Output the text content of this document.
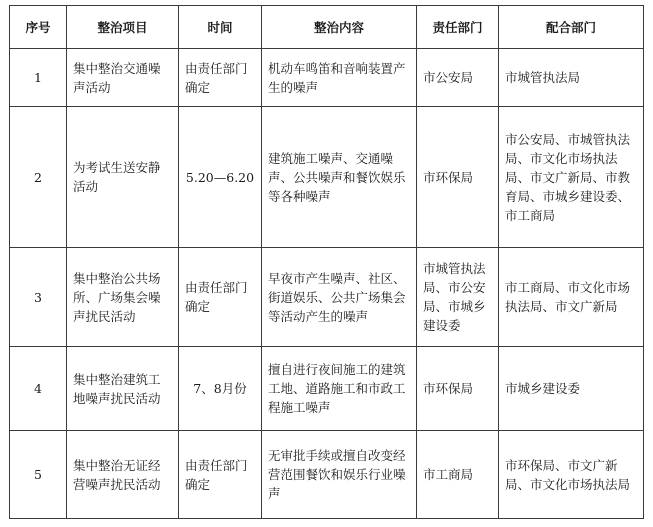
序号	整治项目	时间	整治内容	责任部门	配合部门
1	集中整治交通噪声活动	由责任部门确定	机动车鸣笛和音响装置产生的噪声	市公安局	市城管执法局
2	为考试生送安静活动	5.20—6.20	建筑施工噪声、交通噪声、公共噪声和餐饮娱乐等各种噪声	市环保局	市公安局、市城管执法局、市文化市场执法局、市文广新局、市教育局、市城乡建设委、市工商局
3	集中整治公共场所、广场集会噪声扰民活动	由责任部门确定	早夜市产生噪声、社区、街道娱乐、公共广场集会等活动产生的噪声	市城管执法局、市公安局、市城乡建设委	市工商局、市文化市场执法局、市文广新局
4	集中整治建筑工地噪声扰民活动	7、8月份	擅自进行夜间施工的建筑工地、道路施工和市政工程施工噪声	市环保局	市城乡建设委
5	集中整治无证经营噪声扰民活动	由责任部门确定	无审批手续或擅自改变经营范围餐饮和娱乐行业噪声	市工商局	市环保局、市文广新局、市文化市场执法局
